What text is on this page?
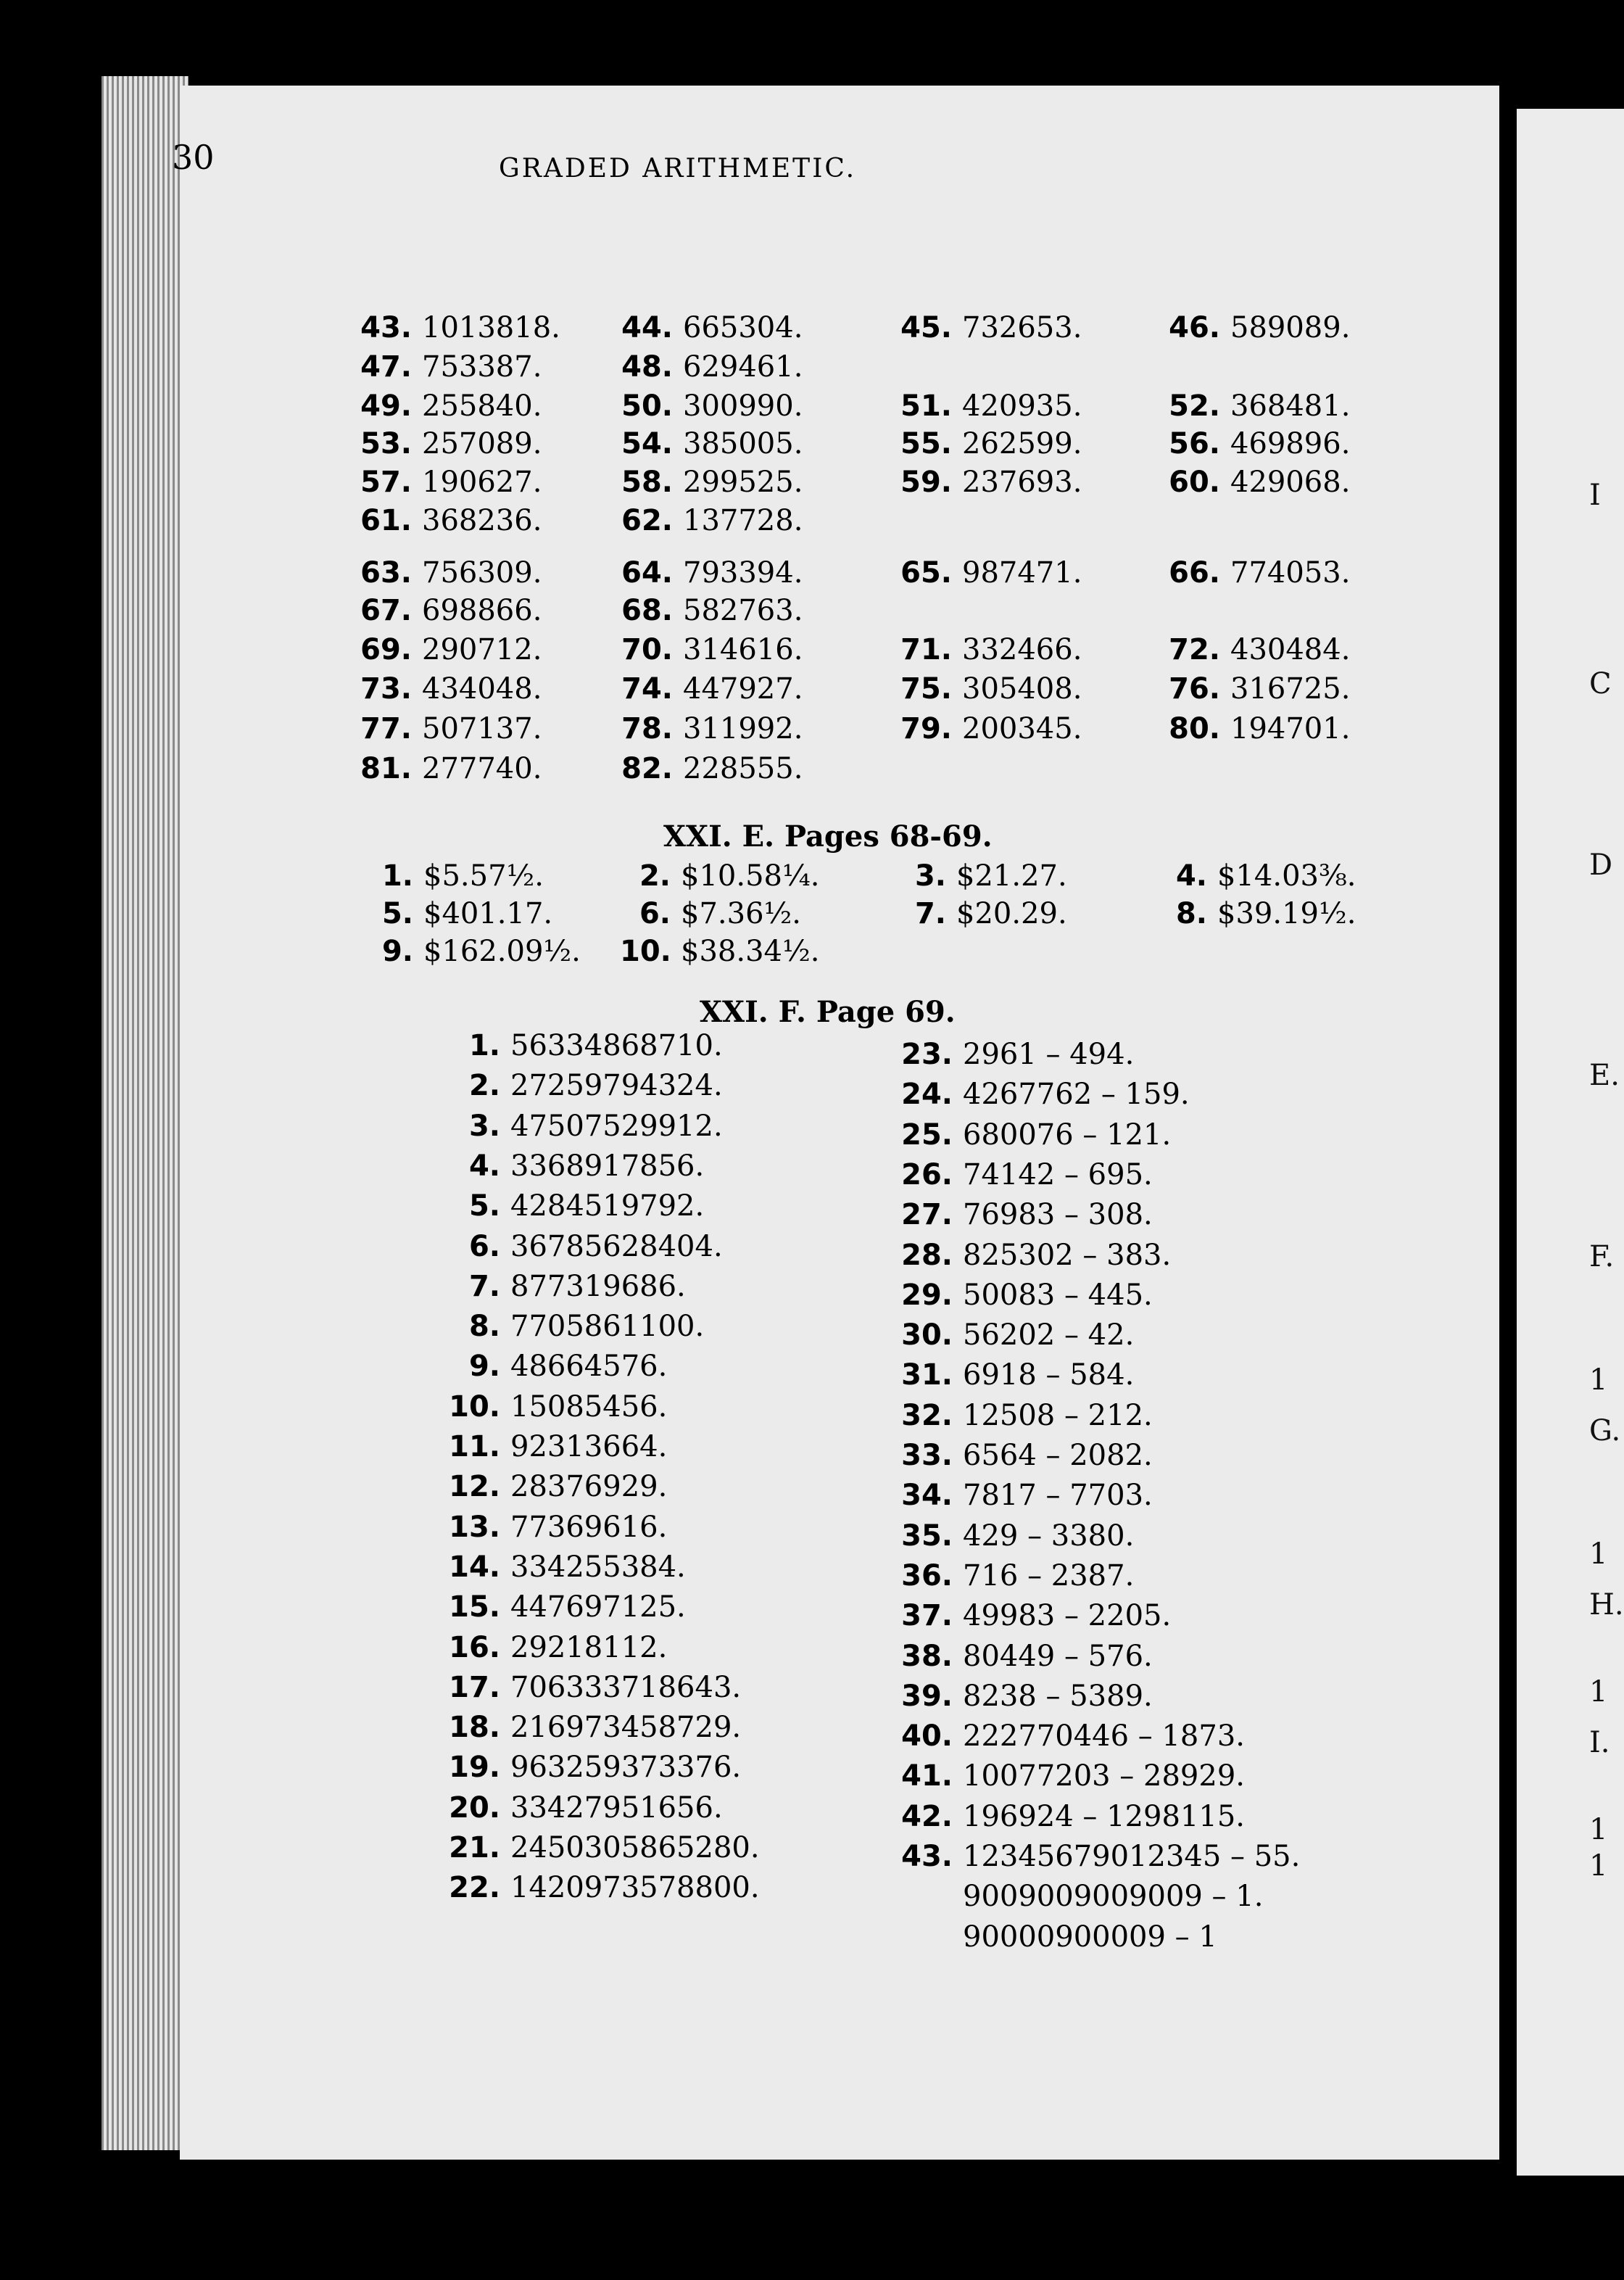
I
C
D
E.
F.
1
G.
1
H.
1
I.
1
1
30	GRADED ARITHMETIC.
43. 1013818.	44. 665304.	45. 732653.	46. 589089.
47. 753387.	48. 629461.
49. 255840.	50. 300990.	51. 420935.	52. 368481.
53. 257089.	54. 385005.	55. 262599.	56. 469896.
57. 190627.	58. 299525.	59. 237693.	60. 429068.
61. 368236.	62. 137728.
63. 756309.	64. 793394.	65. 987471.	66. 774053.
67. 698866.	68. 582763.
69. 290712.	70. 314616.	71. 332466.	72. 430484.
73. 434048.	74. 447927.	75. 305408.	76. 316725.
77. 507137.	78. 311992.	79. 200345.	80. 194701.
81. 277740.	82. 228555.
XXI. E. Pages 68-69.
1. $5.57½.	2. $10.58¼.	3. $21.27.	4. $14.03⅜.
5. $401.17.	6. $7.36½.	7. $20.29.	8. $39.19½.
9. $162.09½. 10. $38.34½.
XXI. F. Page 69.
1. 56334868710.
2. 27259794324.
3. 47507529912.
4. 3368917856.
5. 4284519792.
6. 36785628404.
7. 877319686.
8. 7705861100.
9. 48664576.
10. 15085456.
11. 92313664.
12. 28376929.
13. 77369616.
14. 334255384.
15. 447697125.
16. 29218112.
17. 706333718643.
18. 216973458729.
19. 963259373376.
20. 33427951656.
21. 2450305865280.
22. 1420973578800.
23. 2961 – 494.
24. 4267762 – 159.
25. 680076 – 121.
26. 74142 – 695.
27. 76983 – 308.
28. 825302 – 383.
29. 50083 – 445.
30. 56202 – 42.
31. 6918 – 584.
32. 12508 – 212.
33. 6564 – 2082.
34. 7817 – 7703.
35. 429 – 3380.
36. 716 – 2387.
37. 49983 – 2205.
38. 80449 – 576.
39. 8238 – 5389.
40. 222770446 – 1873.
41. 10077203 – 28929.
42. 196924 – 1298115.
43. 12345679012345 – 55.
9009009009009 – 1.
90000900009 – 1
